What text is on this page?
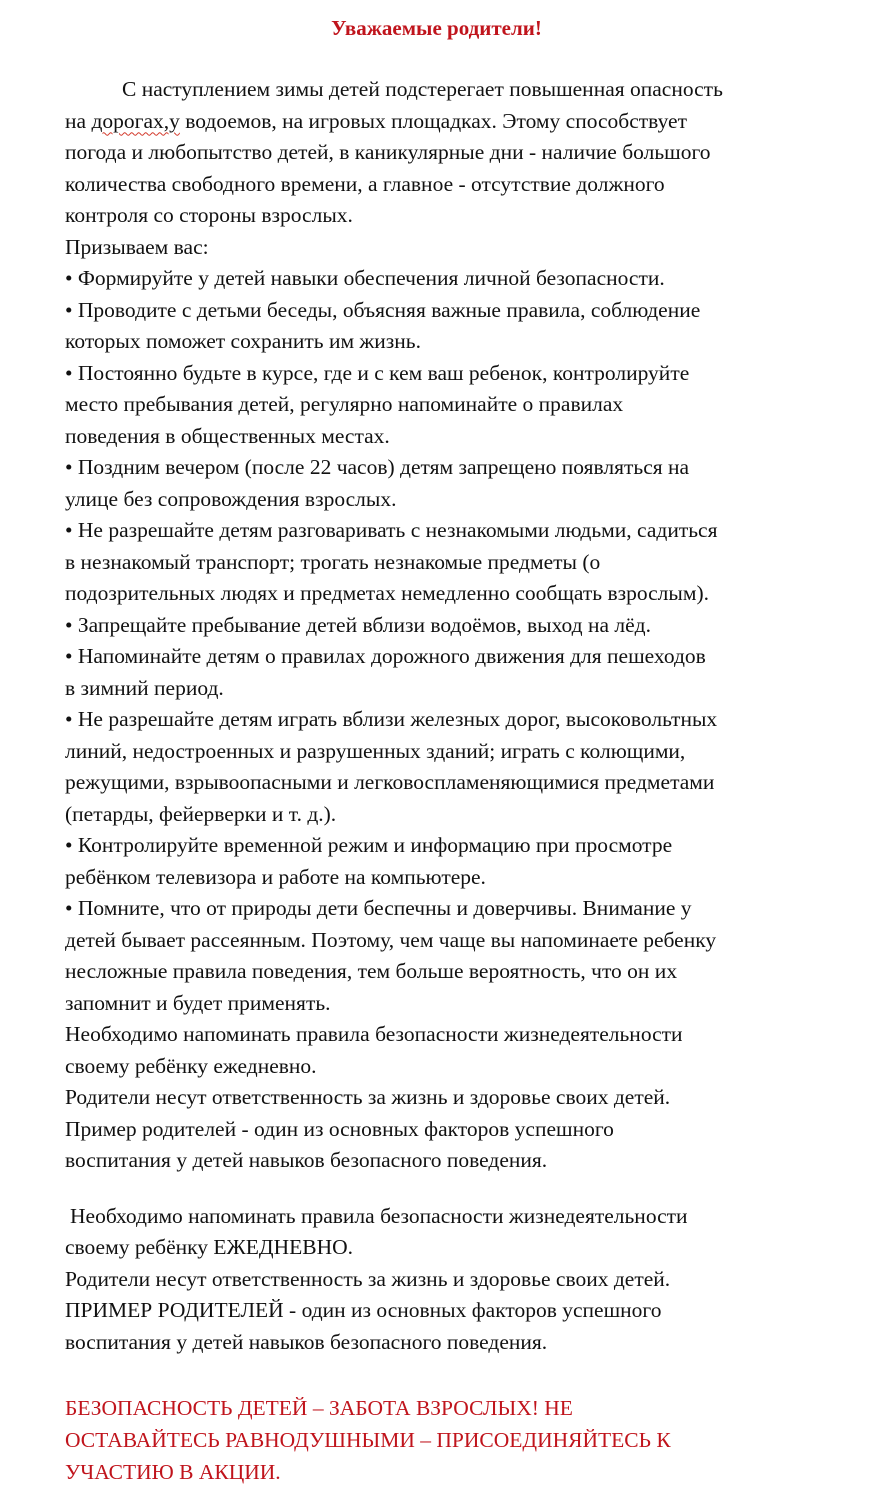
Уважаемые родители!
С наступлением зимы детей подстерегает повышенная опасность
на дорогах,у водоемов, на игровых площадках. Этому способствует
погода и любопытство детей, в каникулярные дни - наличие большого
количества свободного времени, а главное - отсутствие должного
контроля со стороны взрослых.
Призываем вас:
• Формируйте у детей навыки обеспечения личной безопасности.
• Проводите с детьми беседы, объясняя важные правила, соблюдение
которых поможет сохранить им жизнь.
• Постоянно будьте в курсе, где и с кем ваш ребенок, контролируйте
место пребывания детей, регулярно напоминайте о правилах
поведения в общественных местах.
• Поздним вечером (после 22 часов) детям запрещено появляться на
улице без сопровождения взрослых.
• Не разрешайте детям разговаривать с незнакомыми людьми, садиться
в незнакомый транспорт; трогать незнакомые предметы (о
подозрительных людях и предметах немедленно сообщать взрослым).
• Запрещайте пребывание детей вблизи водоёмов, выход на лёд.
• Напоминайте детям о правилах дорожного движения для пешеходов
в зимний период.
• Не разрешайте детям играть вблизи железных дорог, высоковольтных
линий, недостроенных и разрушенных зданий; играть с колющими,
режущими, взрывоопасными и легковоспламеняющимися предметами
(петарды, фейерверки и т. д.).
• Контролируйте временной режим и информацию при просмотре
ребёнком телевизора и работе на компьютере.
• Помните, что от природы дети беспечны и доверчивы. Внимание у
детей бывает рассеянным. Поэтому, чем чаще вы напоминаете ребенку
несложные правила поведения, тем больше вероятность, что он их
запомнит и будет применять.
Необходимо напоминать правила безопасности жизнедеятельности
своему ребёнку ежедневно.
Родители несут ответственность за жизнь и здоровье своих детей.
Пример родителей - один из основных факторов успешного
воспитания у детей навыков безопасного поведения.
Необходимо напоминать правила безопасности жизнедеятельности
своему ребёнку ЕЖЕДНЕВНО.
Родители несут ответственность за жизнь и здоровье своих детей.
ПРИМЕР РОДИТЕЛЕЙ - один из основных факторов успешного
воспитания у детей навыков безопасного поведения.
БЕЗОПАСНОСТЬ ДЕТЕЙ – ЗАБОТА ВЗРОСЛЫХ! НЕ
ОСТАВАЙТЕСЬ РАВНОДУШНЫМИ – ПРИСОЕДИНЯЙТЕСЬ К
УЧАСТИЮ В АКЦИИ.
